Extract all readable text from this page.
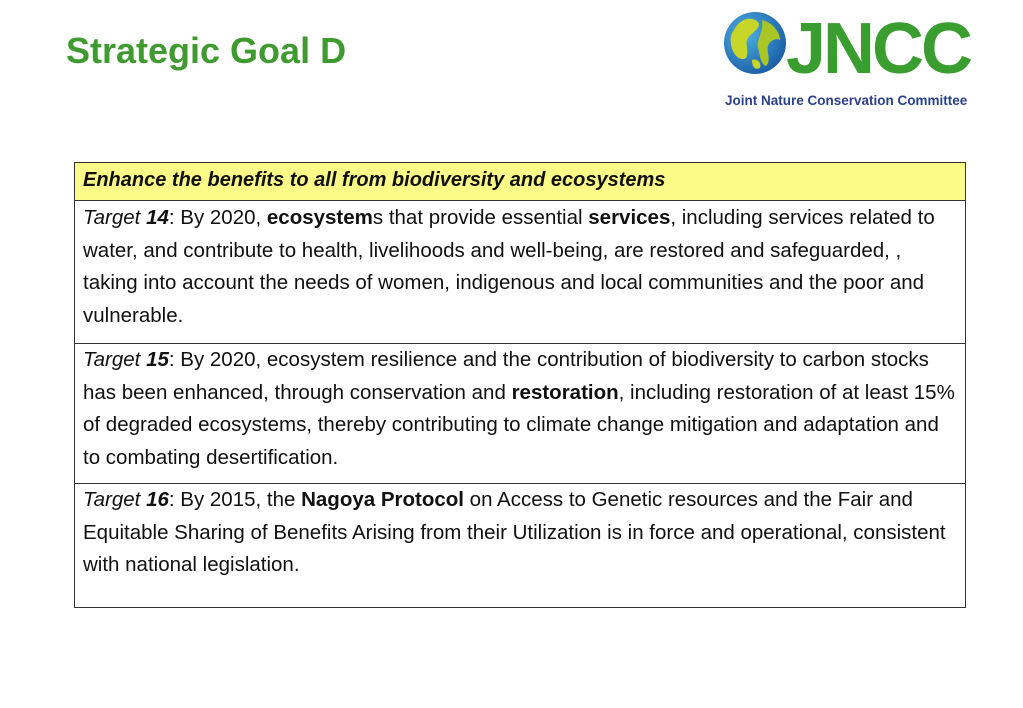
Strategic Goal D	JNCC
Joint Nature Conservation Committee
Enhance the benefits to all from biodiversity and ecosystems
Target 14: By 2020, ecosystems that provide essential services, including services related to water, and contribute to health, livelihoods and well-being, are restored and safeguarded, , taking into account the needs of women, indigenous and local communities and the poor and vulnerable.
Target 15: By 2020, ecosystem resilience and the contribution of biodiversity to carbon stocks has been enhanced, through conservation and restoration, including restoration of at least 15% of degraded ecosystems, thereby contributing to climate change mitigation and adaptation and to combating desertification.
Target 16: By 2015, the Nagoya Protocol on Access to Genetic resources and the Fair and Equitable Sharing of Benefits Arising from their Utilization is in force and operational, consistent with national legislation.
